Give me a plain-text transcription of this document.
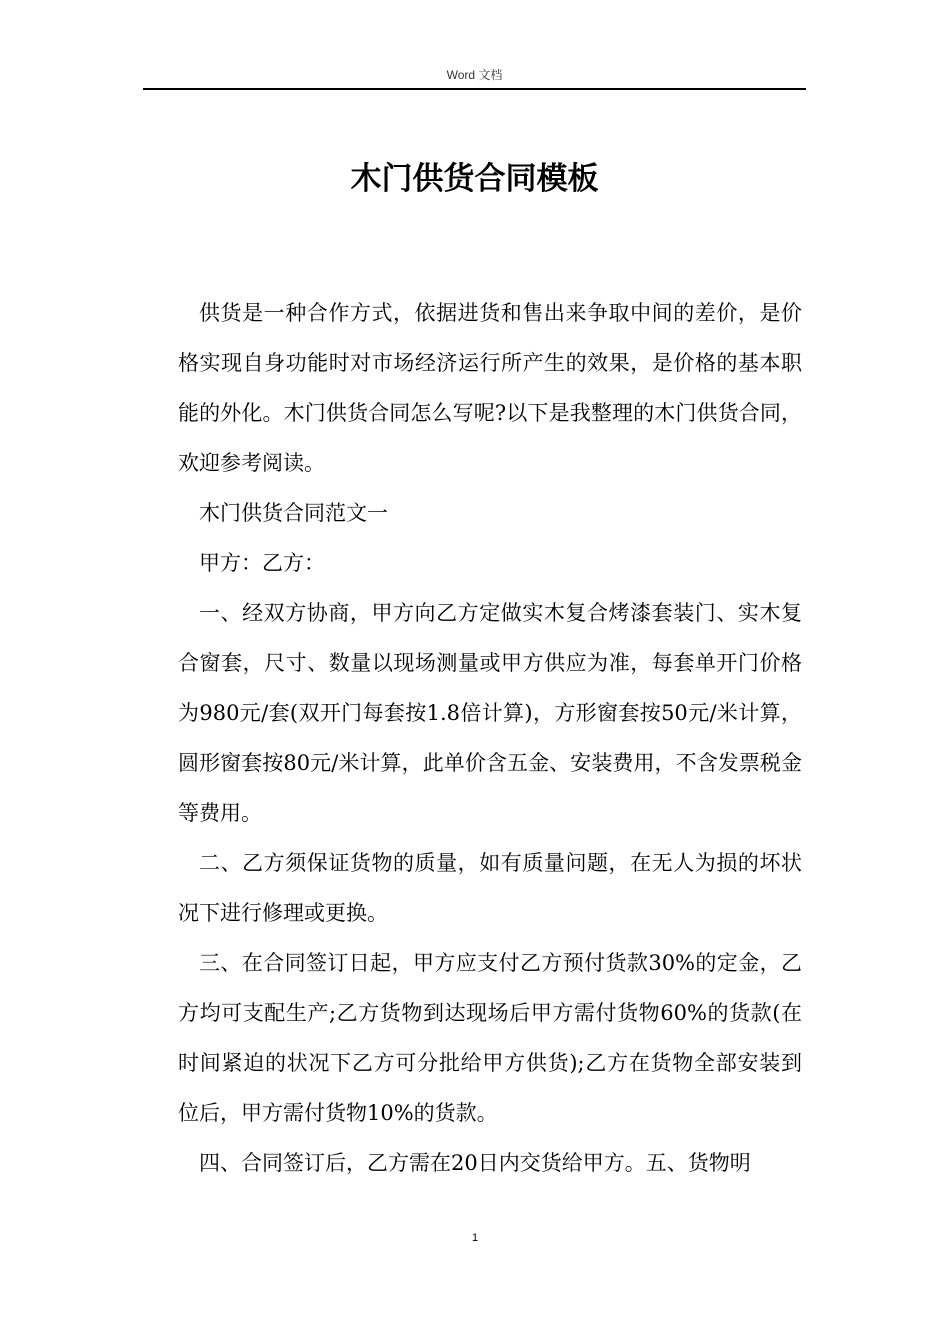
Word 文档
木门供货合同模板

供货是一种合作方式，依据进货和售出来争取中间的差价，是价格实现自身功能时对市场经济运行所产生的效果，是价格的基本职能的外化。木门供货合同怎么写呢?以下是我整理的木门供货合同，欢迎参考阅读。

木门供货合同范文一

甲方：乙方：

一、经双方协商，甲方向乙方定做实木复合烤漆套装门、实木复合窗套，尺寸、数量以现场测量或甲方供应为准，每套单开门价格为980元/套(双开门每套按1.8倍计算)，方形窗套按50元/米计算，圆形窗套按80元/米计算，此单价含五金、安装费用，不含发票税金等费用。

二、乙方须保证货物的质量，如有质量问题，在无人为损的坏状况下进行修理或更换。

三、在合同签订日起，甲方应支付乙方预付货款30%的定金，乙方均可支配生产;乙方货物到达现场后甲方需付货物60%的货款(在时间紧迫的状况下乙方可分批给甲方供货);乙方在货物全部安装到位后，甲方需付货物10%的货款。

四、合同签订后，乙方需在20日内交货给甲方。五、货物明

1
